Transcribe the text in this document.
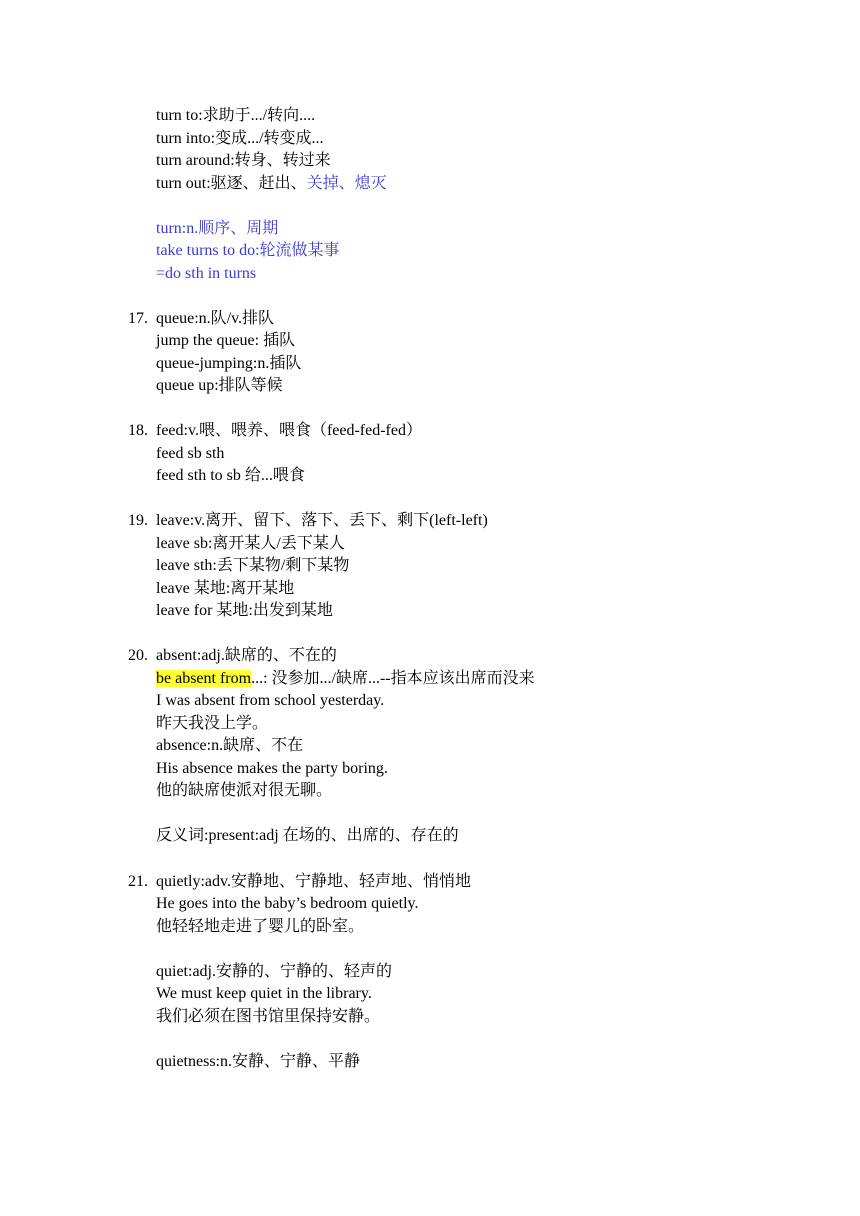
turn to:求助于.../转向....
turn into:变成.../转变成...
turn around:转身、转过来
turn out:驱逐、赶出、关掉、熄灭
turn:n.顺序、周期
take turns to do:轮流做某事
=do sth in turns
17. queue:n.队/v.排队
jump the queue: 插队
queue-jumping:n.插队
queue up:排队等候
18. feed:v.喂、喂养、喂食（feed-fed-fed）
feed sb sth
feed sth to sb 给...喂食
19. leave:v.离开、留下、落下、丢下、剩下(left-left)
leave sb:离开某人/丢下某人
leave sth:丢下某物/剩下某物
leave 某地:离开某地
leave for 某地:出发到某地
20. absent:adj.缺席的、不在的
be absent from...: 没参加.../缺席...--指本应该出席而没来
I was absent from school yesterday.
昨天我没上学。
absence:n.缺席、不在
His absence makes the party boring.
他的缺席使派对很无聊。
反义词:present:adj 在场的、出席的、存在的
21. quietly:adv.安静地、宁静地、轻声地、悄悄地
He goes into the baby’s bedroom quietly.
他轻轻地走进了婴儿的卧室。
quiet:adj.安静的、宁静的、轻声的
We must keep quiet in the library.
我们必须在图书馆里保持安静。
quietness:n.安静、宁静、平静
